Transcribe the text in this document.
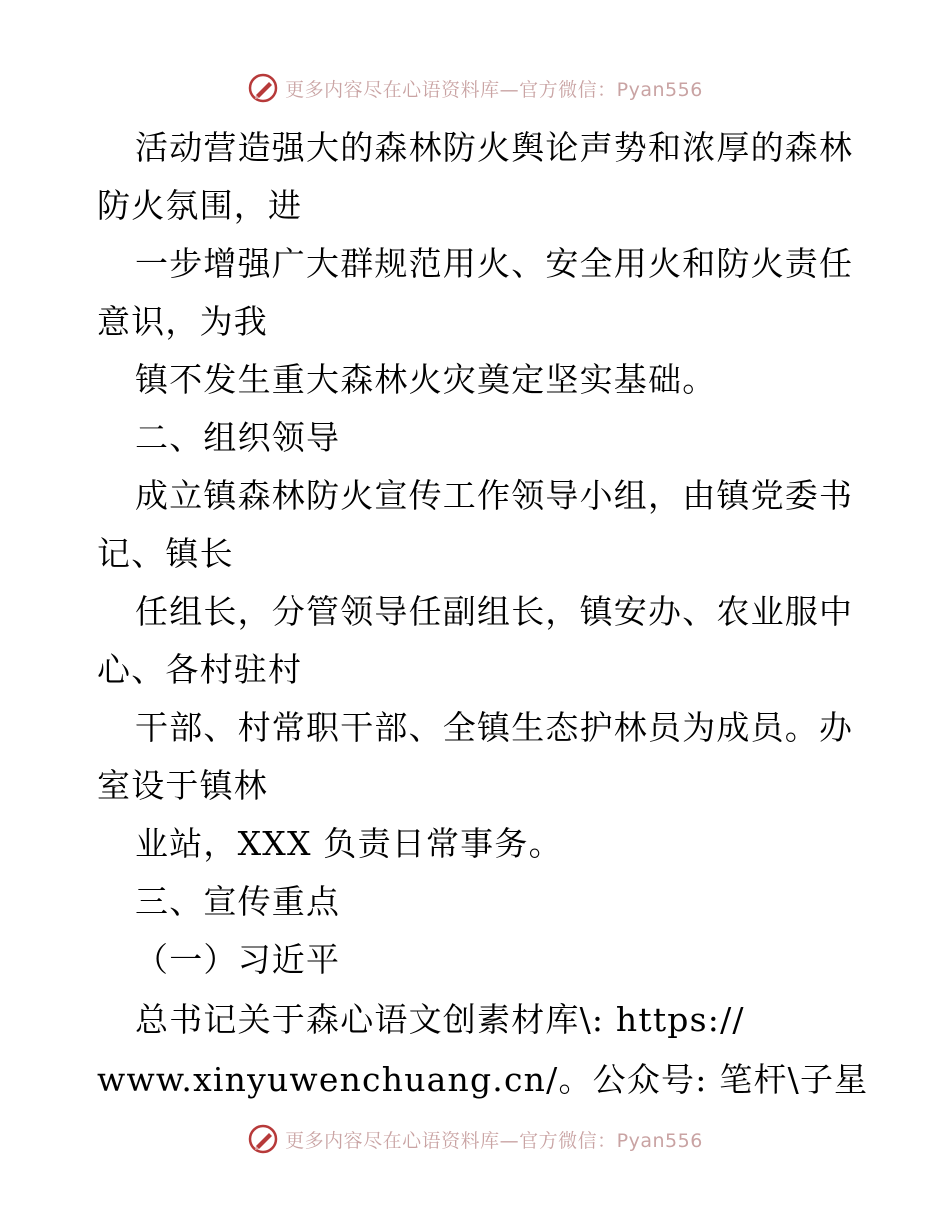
更多内容尽在心语资料库—官方微信：Pyan556
活动营造强大的森林防火舆论声势和浓厚的森林
防火氛围，进
一步增强广大群规范用火、安全用火和防火责任
意识，为我
镇不发生重大森林火灾奠定坚实基础。
二、组织领导
成立镇森林防火宣传工作领导小组，由镇党委书
记、镇长
任组长，分管领导任副组长，镇安办、农业服中
心、各村驻村
干部、村常职干部、全镇生态护林员为成员。办
室设于镇林
业站，XXX 负责日常事务。
三、宣传重点
（一）习近平
总书记关于森心语文创素材库\: https://
www.xinyuwenchuang.cn/。公众号: 笔杆\子星
更多内容尽在心语资料库—官方微信：Pyan556
